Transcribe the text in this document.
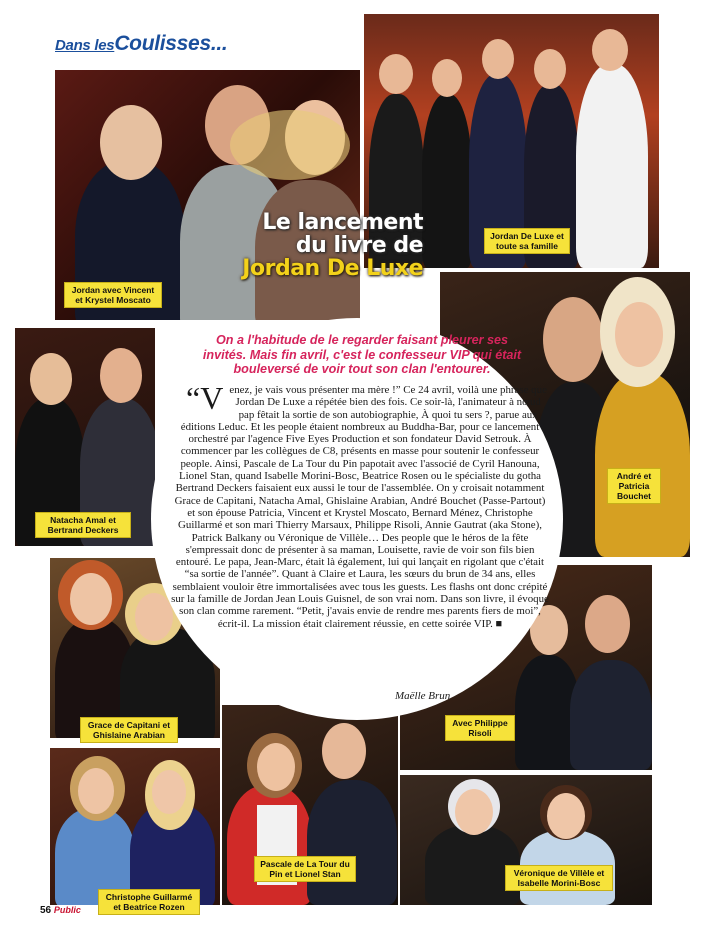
Dans lesCoulisses...
Jordan avec Vincent et Krystel Moscato
Jordan De Luxe et toute sa famille
Natacha Amal et Bertrand Deckers
André et Patricia Bouchet
Grace de Capitani et Ghislaine Arabian
Avec Philippe Risoli
Christophe Guillarmé et Beatrice Rozen
Pascale de La Tour du Pin et Lionel Stan	Véronique de Villèle et Isabelle Morini-Bosc
Le lancement
du livre de
Jordan De Luxe
On a l'habitude de le regarder faisant pleurer ses invités. Mais fin avril, c'est le confesseur VIP qui était bouleversé de voir tout son clan l'entourer.

“Venez, je vais vous présenter ma mère !” Ce 24 avril, voilà une phrase que Jordan De Luxe a répétée bien des fois. Ce soir-là, l'animateur à nœud pap fêtait la sortie de son autobiographie, À quoi tu sers ?, parue aux éditions Leduc. Et les people étaient nombreux au Buddha-Bar, pour ce lancement orchestré par l'agence Five Eyes Production et son fondateur David Setrouk. À commencer par les collègues de C8, présents en masse pour soutenir le confesseur people. Ainsi, Pascale de La Tour du Pin papotait avec l'associé de Cyril Hanouna, Lionel Stan, quand Isabelle Morini-Bosc, Beatrice Rosen ou le spécialiste du gotha Bertrand Deckers faisaient eux aussi le tour de l'assemblée. On y croisait notamment Grace de Capitani, Natacha Amal, Ghislaine Arabian, André Bouchet (Passe-Partout) et son épouse Patricia, Vincent et Krystel Moscato, Bernard Ménez, Christophe Guillarmé et son mari Thierry Marsaux, Philippe Risoli, Annie Gautrat (aka Stone), Patrick Balkany ou Véronique de Villèle… Des people que le héros de la fête s'empressait donc de présenter à sa maman, Louisette, ravie de voir son fils bien entouré. Le papa, Jean-Marc, était là également, lui qui lançait en rigolant que c'était “sa sortie de l'année”. Quant à Claire et Laura, les sœurs du brun de 34 ans, elles semblaient vouloir être immortalisées avec tous les guests. Les flashs ont donc crépité sur la famille de Jordan Jean Louis Guisnel, de son vrai nom. Dans son livre, il évoque son clan comme rarement. “Petit, j'avais envie de rendre mes parents fiers de moi”, écrit-il. La mission était clairement réussie, en cette soirée VIP. ■

Maëlle Brun
56 Public
